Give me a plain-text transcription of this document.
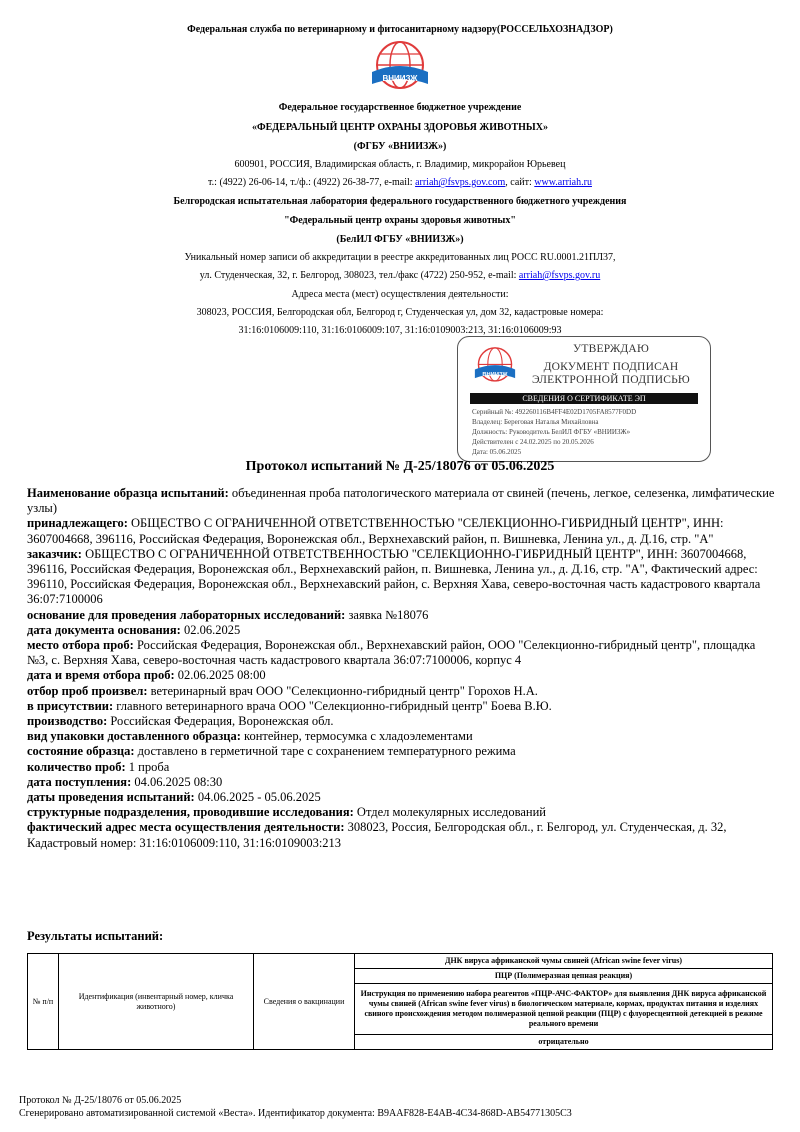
Федеральная служба по ветеринарному и фитосанитарному надзору(РОССЕЛЬХОЗНАДЗОР)
ВНИИЗЖ
Федеральное государственное бюджетное учреждение
«ФЕДЕРАЛЬНЫЙ ЦЕНТР ОХРАНЫ ЗДОРОВЬЯ ЖИВОТНЫХ»
(ФГБУ «ВНИИЗЖ»)
600901, РОССИЯ, Владимирская область, г. Владимир, микрорайон Юрьевец
т.: (4922) 26-06-14, т./ф.: (4922) 26-38-77, e-mail: arriah@fsvps.gov.com, сайт: www.arriah.ru
Белгородская испытательная лаборатория федерального государственного бюджетного учреждения
"Федеральный центр охраны здоровья животных"
(БелИЛ ФГБУ «ВНИИЗЖ»)
Уникальный номер записи об аккредитации в реестре аккредитованных лиц РОСС RU.0001.21ПЛ37,
ул. Студенческая, 32, г. Белгород, 308023, тел./факс (4722) 250-952, e-mail: arriah@fsvps.gov.ru
Адреса места (мест) осуществления деятельности:
308023, РОССИЯ, Белгородская обл, Белгород г, Студенческая ул, дом 32, кадастровые номера:
31:16:0106009:110, 31:16:0106009:107, 31:16:0109003:213, 31:16:0106009:93
ВНИИЗЖ
УТВЕРЖДАЮ
ДОКУМЕНТ ПОДПИСАН
ЭЛЕКТРОННОЙ ПОДПИСЬЮ
СВЕДЕНИЯ О СЕРТИФИКАТЕ ЭП
Серийный №: 492260116B4FF4E02D1705FA8577F0DD
Владелец: Береговая Наталья Михайловна
Должность: Руководитель БелИЛ ФГБУ «ВНИИЗЖ»
Действителен с 24.02.2025 по 20.05.2026
Дата: 05.06.2025
Протокол испытаний № Д-25/18076 от 05.06.2025

Наименование образца испытаний: объединенная проба патологического материала от свиней (печень, легкое, селезенка, лимфатические узлы)

принадлежащего: ОБЩЕСТВО С ОГРАНИЧЕННОЙ ОТВЕТСТВЕННОСТЬЮ "СЕЛЕКЦИОННО-ГИБРИДНЫЙ ЦЕНТР", ИНН: 3607004668, 396116, Российская Федерация, Воронежская обл., Верхнехавский район, п. Вишневка, Ленина ул., д. Д.16, стр. "А"

заказчик: ОБЩЕСТВО С ОГРАНИЧЕННОЙ ОТВЕТСТВЕННОСТЬЮ "СЕЛЕКЦИОННО-ГИБРИДНЫЙ ЦЕНТР", ИНН: 3607004668, 396116, Российская Федерация, Воронежская обл., Верхнехавский район, п. Вишневка, Ленина ул., д. Д.16, стр. "А", Фактический адрес: 396110, Российская Федерация, Воронежская обл., Верхнехавский район, с. Верхняя Хава, северо-восточная часть кадастрового квартала 36:07:7100006

основание для проведения лабораторных исследований: заявка №18076

дата документа основания: 02.06.2025

место отбора проб: Российская Федерация, Воронежская обл., Верхнехавский район, ООО "Селекционно-гибридный центр", площадка №3, с. Верхняя Хава, северо-восточная часть кадастрового квартала 36:07:7100006, корпус 4

дата и время отбора проб: 02.06.2025 08:00

отбор проб произвел: ветеринарный врач ООО "Селекционно-гибридный центр" Горохов Н.А.

в присутствии: главного ветеринарного врача ООО "Селекционно-гибридный центр" Боева В.Ю.

производство: Российская Федерация, Воронежская обл.

вид упаковки доставленного образца: контейнер, термосумка с хладоэлементами

состояние образца: доставлено в герметичной таре с сохранением температурного режима

количество проб: 1 проба

дата поступления: 04.06.2025 08:30

даты проведения испытаний: 04.06.2025 - 05.06.2025

структурные подразделения, проводившие исследования: Отдел молекулярных исследований

фактический адрес места осуществления деятельности: 308023, Россия, Белгородская обл., г. Белгород, ул. Студенческая, д. 32, Кадастровый номер: 31:16:0106009:110, 31:16:0109003:213

Результаты испытаний:
№ п/п	Идентификация (инвентарный номер, кличка животного)	Сведения о вакцинации	ДНК вируса африканской чумы свиней (African swine fever virus)
ПЦР (Полимеразная цепная реакция)
Инструкция по применению набора реагентов «ПЦР-АЧС-ФАКТОР» для выявления ДНК вируса африканской чумы свиней (African swine fever virus) в биологическом материале, кормах, продуктах питания и изделиях свиного происхождения методом полимеразной цепной реакции (ПЦР) с флуоресцентной детекцией в режиме реального времени
отрицательно
Протокол № Д-25/18076 от 05.06.2025
Сгенерировано автоматизированной системой «Веста». Идентификатор документа: B9AAF828-E4AB-4C34-868D-AB54771305C3
